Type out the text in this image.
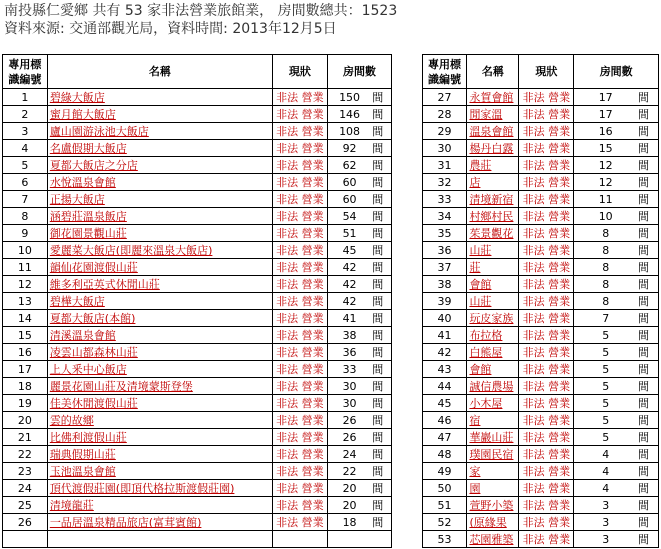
南投縣仁愛鄉 共有 53 家非法營業旅館業， 房間數總共：1523
資料來源: 交通部觀光局，資料時間: 2013年12月5日
專用標識編號	名稱	現狀	房間數			專用標識編號	名稱	現狀	房間數	
1	碧綠大飯店	非法 營業	150	間		27	永賀會館	非法 營業	17	間
2	蜜月館大飯店	非法 營業	146	間		28	閒家溫	非法 營業	17	間
3	廬山園游泳池大飯店	非法 營業	108	間		29	溫泉會館	非法 營業	16	間
4	名盧假期大飯店	非法 營業	92	間		30	楊丹白露	非法 營業	15	間
5	夏都大飯店之分店	非法 營業	62	間		31	農莊	非法 營業	12	間
6	水悅溫泉會館	非法 營業	60	間		32	店	非法 營業	12	間
7	正揚大飯店	非法 營業	60	間		33	清境新宿	非法 營業	11	間
8	涵碧莊溫泉飯店	非法 營業	54	間		34	村鄉村民	非法 營業	10	間
9	御花園景觀山莊	非法 營業	51	間		35	茱景觀花	非法 營業	8	間
10	愛麗菜大飯店(即麗來溫泉大飯店)	非法 營業	45	間		36	山莊	非法 營業	8	間
11	韻仙花園渡假山莊	非法 營業	42	間		37	莊	非法 營業	8	間
12	維多利亞英式休閒山莊	非法 營業	42	間		38	會館	非法 營業	8	間
13	碧樺大飯店	非法 營業	42	間		39	山莊	非法 營業	8	間
14	夏都大飯店(本館)	非法 營業	41	間		40	玩皮家族	非法 營業	7	間
15	清溪溫泉會館	非法 營業	38	間		41	布拉格	非法 營業	5	間
16	凌雲山都森林山莊	非法 營業	36	間		42	白熊屋	非法 營業	5	間
17	上人釆中心飯店	非法 營業	33	間		43	會館	非法 營業	5	間
18	麗景花園山莊及清境蒙斯登堡	非法 營業	30	間		44	誠信農場	非法 營業	5	間
19	佳美休閒渡假山莊	非法 營業	30	間		45	小木屋	非法 營業	5	間
20	雲的故鄉	非法 營業	26	間		46	宿	非法 營業	5	間
21	比佛利渡假山莊	非法 營業	26	間		47	華巖山莊	非法 營業	5	間
22	瑞典假期山莊	非法 營業	24	間		48	璞園民宿	非法 營業	4	間
23	玉池溫泉會館	非法 營業	22	間		49	家	非法 營業	4	間
24	頂代渡假莊園(即頂代格拉斯渡假莊園)	非法 營業	20	間		50	園	非法 營業	4	間
25	清境龍莊	非法 營業	20	間		51	萱野小築	非法 營業	3	間
26	一品居溫泉精品旅店(富茸賓館)	非法 營業	18	間		52	(原緣果	非法 營業	3	間
						53	芯園雅築	非法 營業	3	間
